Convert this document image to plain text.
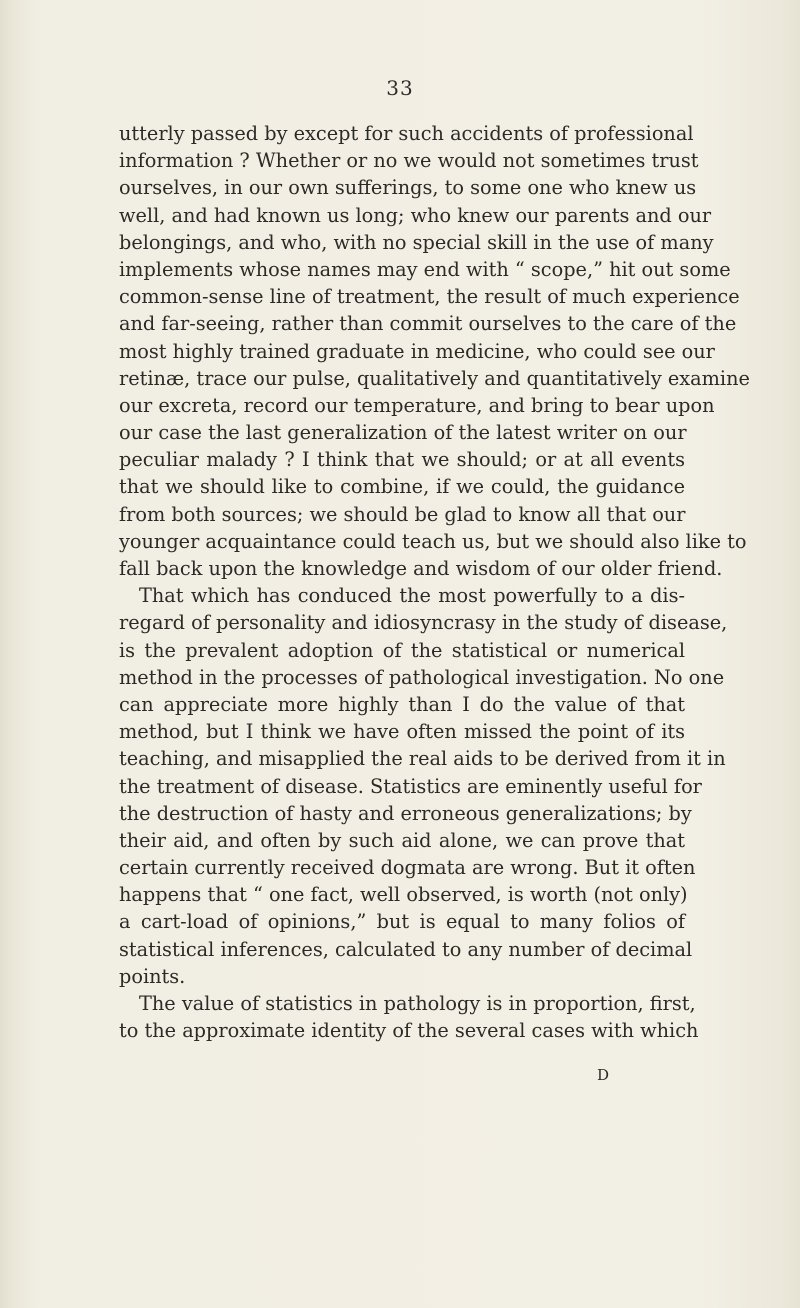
33
utterly passed by except for such accidents of professional
information ? Whether or no we would not sometimes trust
ourselves, in our own sufferings, to some one who knew us
well, and had known us long; who knew our parents and our
belongings, and who, with no special skill in the use of many
implements whose names may end with “ scope,” hit out some
common-sense line of treatment, the result of much experience
and far-seeing, rather than commit ourselves to the care of the
most highly trained graduate in medicine, who could see our
retinæ, trace our pulse, qualitatively and quantitatively examine
our excreta, record our temperature, and bring to bear upon
our case the last generalization of the latest writer on our
peculiar malady ? I think that we should; or at all events
that we should like to combine, if we could, the guidance
from both sources; we should be glad to know all that our
younger acquaintance could teach us, but we should also like to
fall back upon the knowledge and wisdom of our older friend.
That which has conduced the most powerfully to a dis-
regard of personality and idiosyncrasy in the study of disease,
is the prevalent adoption of the statistical or numerical
method in the processes of pathological investigation. No one
can appreciate more highly than I do the value of that
method, but I think we have often missed the point of its
teaching, and misapplied the real aids to be derived from it in
the treatment of disease. Statistics are eminently useful for
the destruction of hasty and erroneous generalizations; by
their aid, and often by such aid alone, we can prove that
certain currently received dogmata are wrong. But it often
happens that “ one fact, well observed, is worth (not only)
a cart-load of opinions,” but is equal to many folios of
statistical inferences, calculated to any number of decimal
points.
The value of statistics in pathology is in proportion, first,
to the approximate identity of the several cases with which
D
